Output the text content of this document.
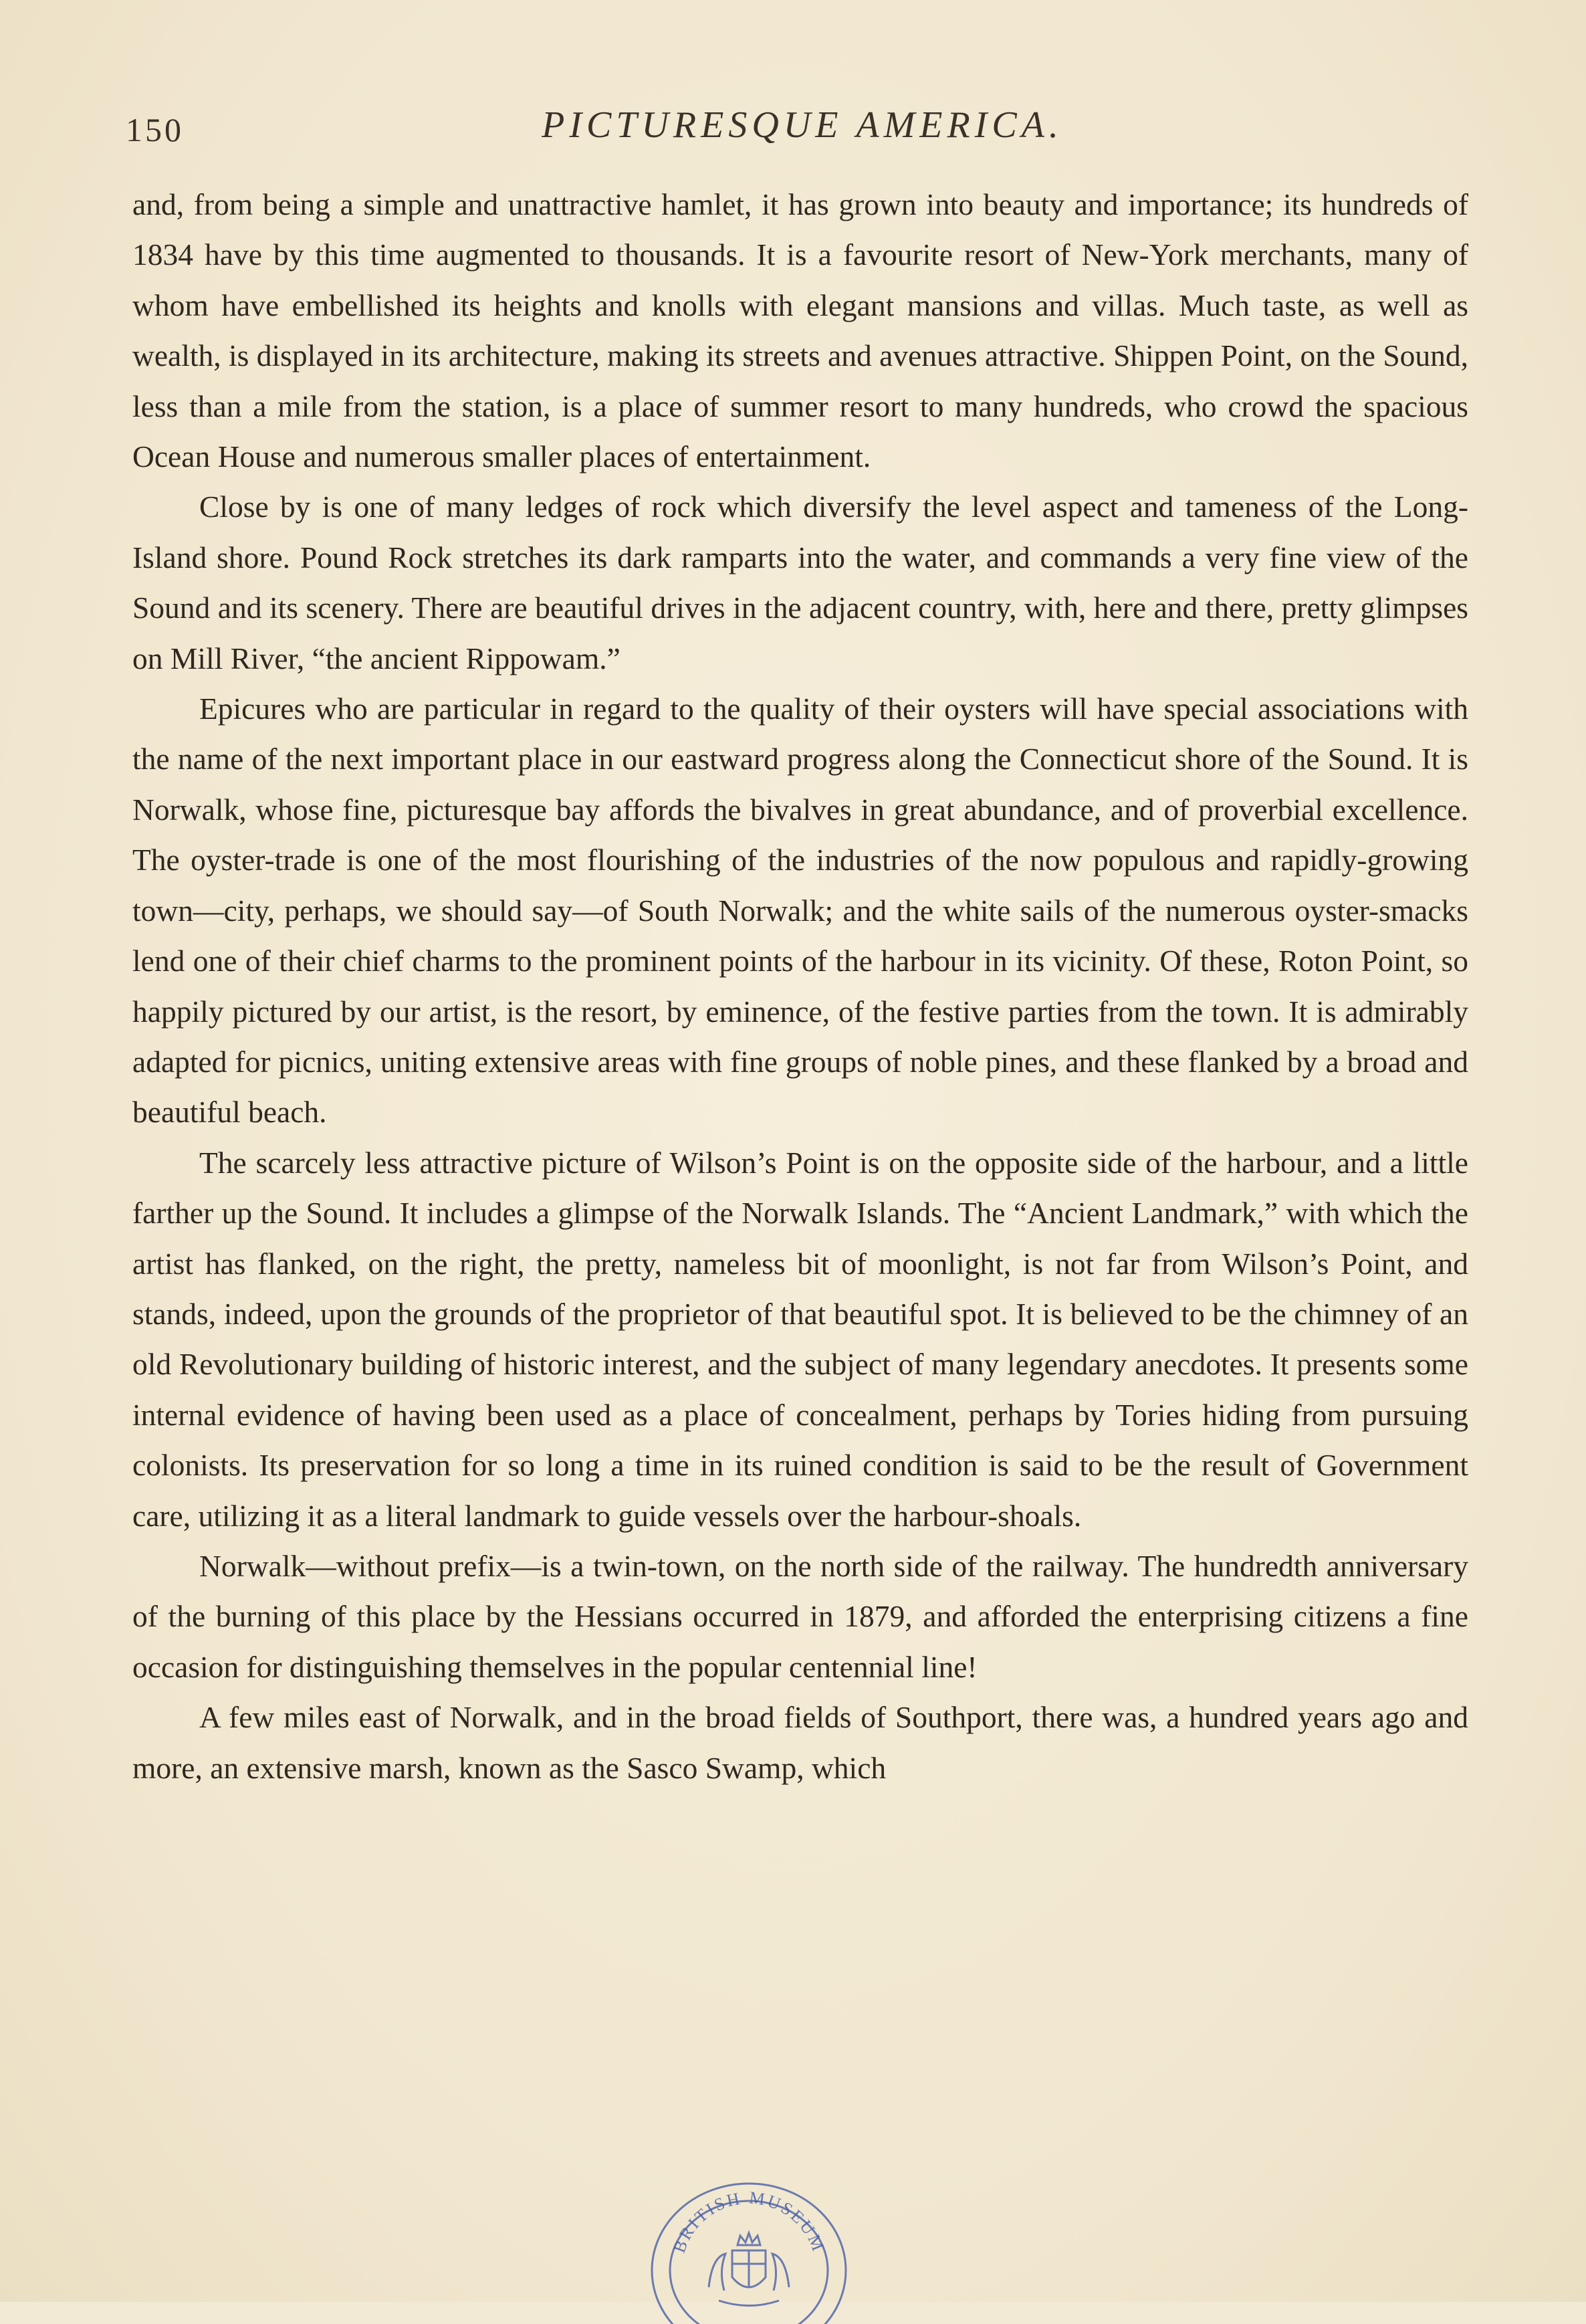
150	PICTURESQUE AMERICA.

and, from being a simple and unattractive hamlet, it has grown into beauty and importance; its hundreds of 1834 have by this time augmented to thousands. It is a favourite resort of New-York merchants, many of whom have embellished its heights and knolls with elegant mansions and villas. Much taste, as well as wealth, is displayed in its architecture, making its streets and avenues attractive. Shippen Point, on the Sound, less than a mile from the station, is a place of summer resort to many hundreds, who crowd the spacious Ocean House and numerous smaller places of entertainment.

Close by is one of many ledges of rock which diversify the level aspect and tameness of the Long-Island shore. Pound Rock stretches its dark ramparts into the water, and commands a very fine view of the Sound and its scenery. There are beautiful drives in the adjacent country, with, here and there, pretty glimpses on Mill River, “the ancient Rippowam.”

Epicures who are particular in regard to the quality of their oysters will have special associations with the name of the next important place in our eastward progress along the Connecticut shore of the Sound. It is Norwalk, whose fine, picturesque bay affords the bivalves in great abundance, and of proverbial excellence. The oyster-trade is one of the most flourishing of the industries of the now populous and rapidly-growing town—city, perhaps, we should say—of South Norwalk; and the white sails of the numerous oyster-smacks lend one of their chief charms to the prominent points of the harbour in its vicinity. Of these, Roton Point, so happily pictured by our artist, is the resort, by eminence, of the festive parties from the town. It is admirably adapted for picnics, uniting extensive areas with fine groups of noble pines, and these flanked by a broad and beautiful beach.

The scarcely less attractive picture of Wilson’s Point is on the opposite side of the harbour, and a little farther up the Sound. It includes a glimpse of the Norwalk Islands. The “Ancient Landmark,” with which the artist has flanked, on the right, the pretty, nameless bit of moonlight, is not far from Wilson’s Point, and stands, indeed, upon the grounds of the proprietor of that beautiful spot. It is believed to be the chimney of an old Revolutionary building of historic interest, and the subject of many legendary anecdotes. It presents some internal evidence of having been used as a place of concealment, perhaps by Tories hiding from pursuing colonists. Its preservation for so long a time in its ruined condition is said to be the result of Government care, utilizing it as a literal landmark to guide vessels over the harbour-shoals.

Norwalk—without prefix—is a twin-town, on the north side of the railway. The hundredth anniversary of the burning of this place by the Hessians occurred in 1879, and afforded the enterprising citizens a fine occasion for distinguishing themselves in the popular centennial line!

A few miles east of Norwalk, and in the broad fields of Southport, there was, a hundred years ago and more, an extensive marsh, known as the Sasco Swamp, which

BRITISH MUSEUM
